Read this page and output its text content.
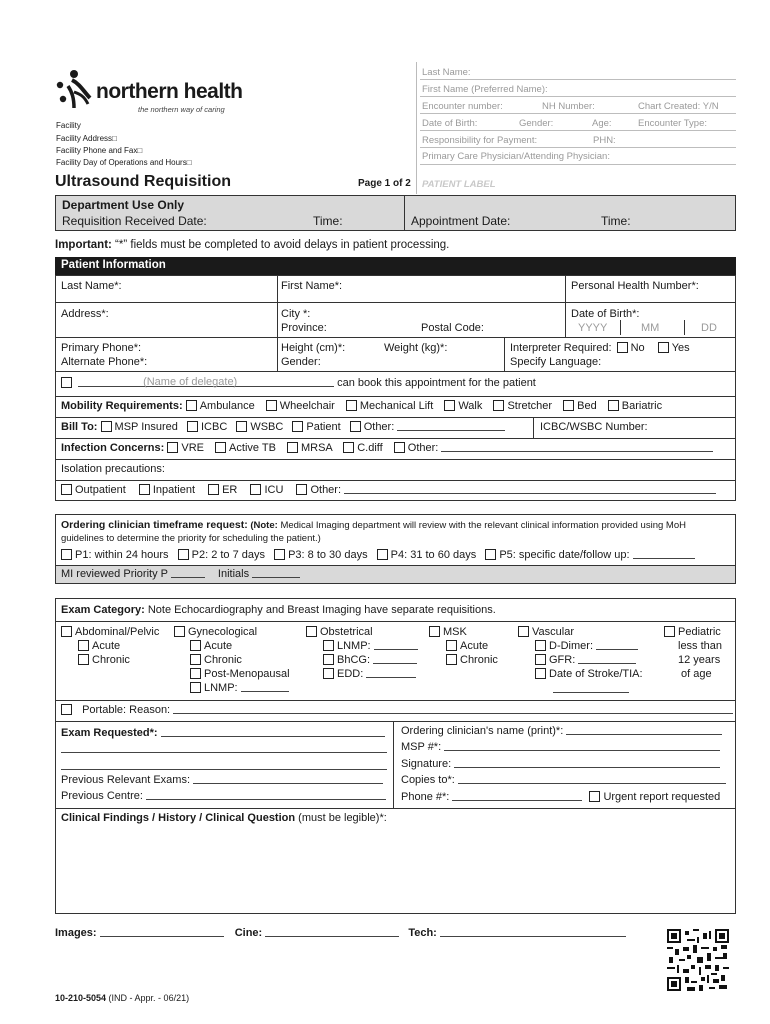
northern health
the northern way of caring
Facility
Facility Address□
Facility Phone and Fax□
Facility Day of Operations and Hours□
Last Name:
First Name (Preferred Name):
Encounter number:	NH Number:	Chart Created: Y/N
Date of Birth:	Gender:	Age:	Encounter Type:
Responsibility for Payment:	PHN:
Primary Care Physician/Attending Physician:
PATIENT LABEL
Ultrasound Requisition	Page 1 of 2
Department Use Only
Requisition Received Date:	Time:	Appointment Date:	Time:
Important: “*” fields must be completed to avoid delays in patient processing.
Patient Information
Last Name*:	First Name*:	Personal Health Number*:
Address*:	City *:
Province:	Postal Code:
Date of Birth*:
YYYY	MM	DD
Primary Phone*:
Alternate Phone*:
Height (cm)*:	Weight (kg)*:
Gender:
Interpreter Required: No Yes
Specify Language:

(Name of delegate)	can book this appointment for the patient
Mobility Requirements: Ambulance Wheelchair Mechanical Lift Walk Stretcher Bed Bariatric
Bill To: MSP Insured ICBC WSBC Patient Other:	ICBC/WSBC Number:
Infection Concerns: VRE Active TB MRSA C.diff Other:
Isolation precautions:
Outpatient Inpatient ER ICU Other:
Ordering clinician timeframe request: (Note: Medical Imaging department will review with the relevant clinical information provided using MoH
guidelines to determine the priority for scheduling the patient.)
P1: within 24 hours P2: 2 to 7 days P3: 8 to 30 days P4: 31 to 60 days P5: specific date/follow up:
MI reviewed Priority P	Initials
Exam Category: Note Echocardiography and Breast Imaging have separate requisitions.
Abdominal/Pelvic
Acute
Chronic
Gynecological
Acute
Chronic
Post-Menopausal
LNMP:
Obstetrical
LNMP:
BhCG:
EDD:
MSK
Acute
Chronic
Vascular
D-Dimer:
GFR:
Date of Stroke/TIA:
Pediatric
less than
12 years
of age
Portable: Reason:
Exam Requested*:
Previous Relevant Exams:
Previous Centre:
Ordering clinician's name (print)*:
MSP #*:
Signature:
Copies to*:
Phone #*:	Urgent report requested
Clinical Findings / History / Clinical Question (must be legible)*:
Images:	Cine:	Tech:
10-210-5054 (IND - Appr. - 06/21)
